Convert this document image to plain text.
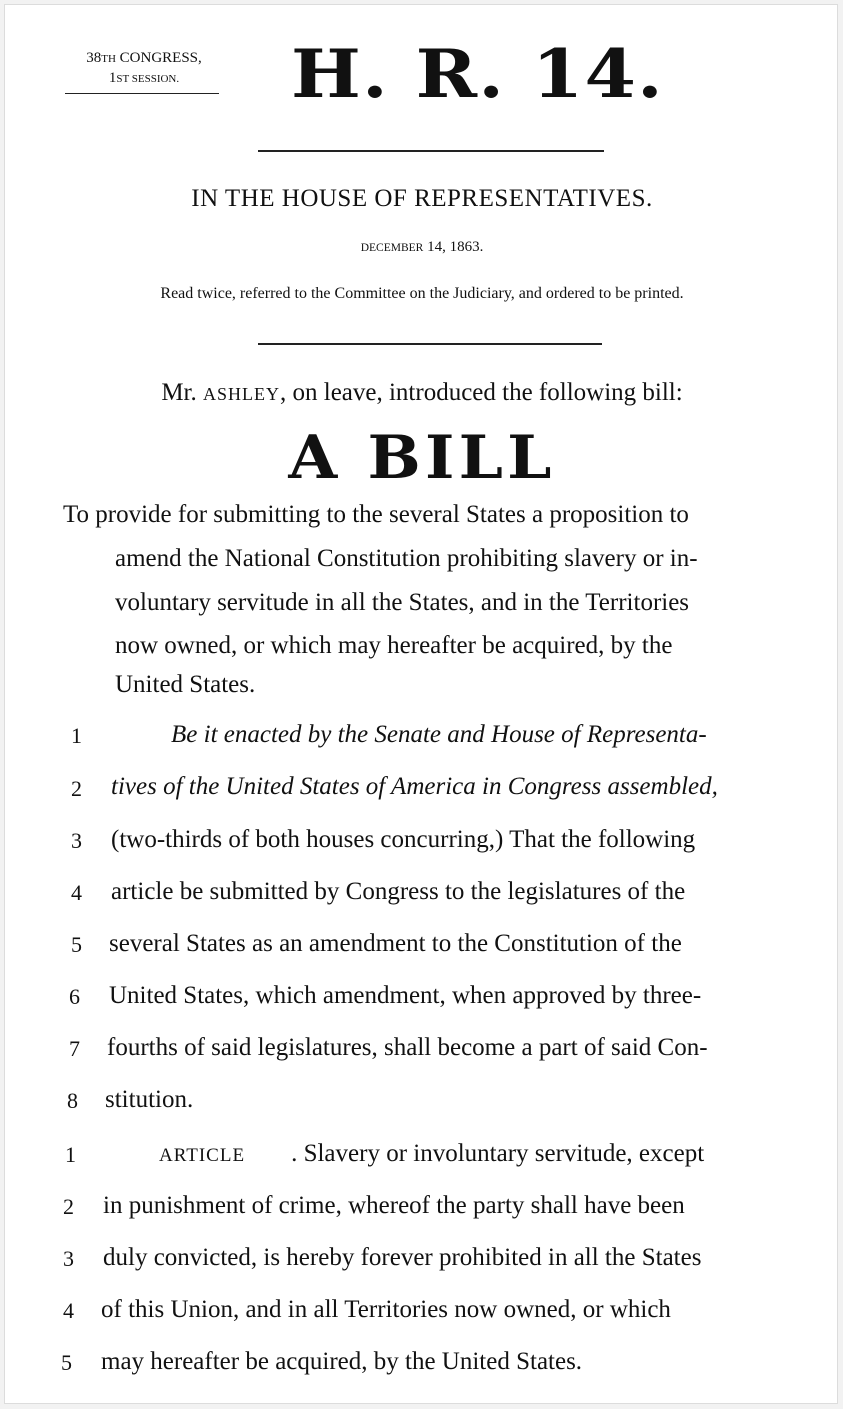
38TH CONGRESS,
1ST SESSION.	H. R. 14.
IN THE HOUSE OF REPRESENTATIVES.
DECEMBER 14, 1863.
Read twice, referred to the Committee on the Judiciary, and ordered to be printed.
Mr. ASHLEY, on leave, introduced the following bill:
A BILL
To provide for submitting to the several States a proposition to
amend the National Constitution prohibiting slavery or in-
voluntary servitude in all the States, and in the Territories
now owned, or which may hereafter be acquired, by the
United States.
1	Be it enacted by the Senate and House of Representa-
2 tives of the United States of America in Congress assembled,
3 (two-thirds of both houses concurring,) That the following
4 article be submitted by Congress to the legislatures of the
5 several States as an amendment to the Constitution of the
6 United States, which amendment, when approved by three-
7 fourths of said legislatures, shall become a part of said Con-
8 stitution.
1	ARTICLE . Slavery or involuntary servitude, except
2 in punishment of crime, whereof the party shall have been
3 duly convicted, is hereby forever prohibited in all the States
4 of this Union, and in all Territories now owned, or which
5 may hereafter be acquired, by the United States.
